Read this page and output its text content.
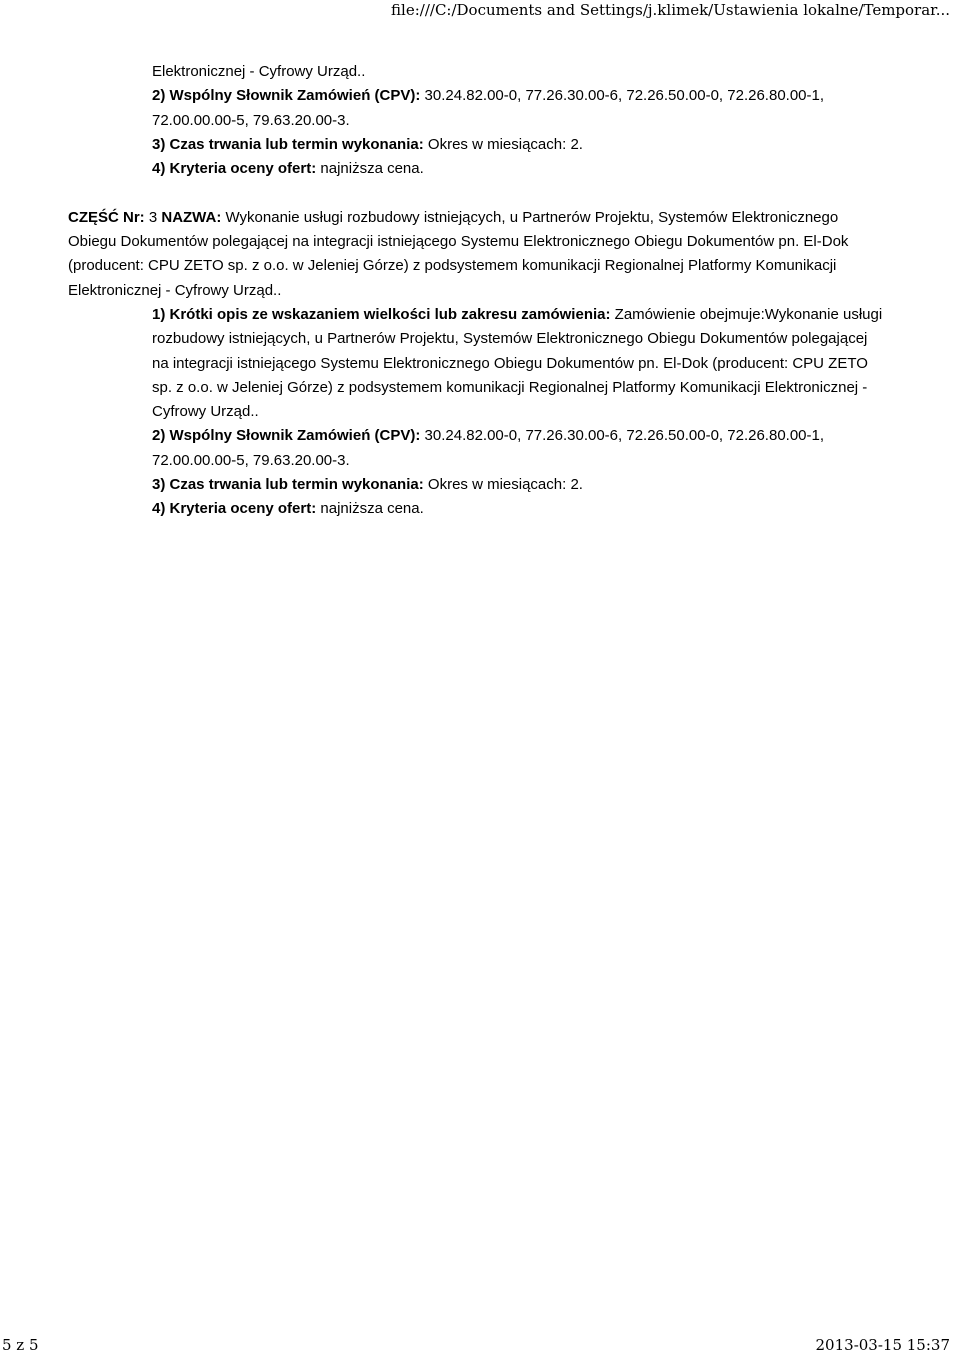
file:///C:/Documents and Settings/j.klimek/Ustawienia lokalne/Temporar...

Elektronicznej - Cyfrowy Urząd..

2) Wspólny Słownik Zamówień (CPV): 30.24.82.00-0, 77.26.30.00-6, 72.26.50.00-0, 72.26.80.00-1, 72.00.00.00-5, 79.63.20.00-3.

3) Czas trwania lub termin wykonania: Okres w miesiącach: 2.

4) Kryteria oceny ofert: najniższa cena.

CZĘŚĆ Nr: 3 NAZWA: Wykonanie usługi rozbudowy istniejących, u Partnerów Projektu, Systemów Elektronicznego Obiegu Dokumentów polegającej na integracji istniejącego Systemu Elektronicznego Obiegu Dokumentów pn. El-Dok (producent: CPU ZETO sp. z o.o. w Jeleniej Górze) z podsystemem komunikacji Regionalnej Platformy Komunikacji Elektronicznej - Cyfrowy Urząd..

1) Krótki opis ze wskazaniem wielkości lub zakresu zamówienia: Zamówienie obejmuje:Wykonanie usługi rozbudowy istniejących, u Partnerów Projektu, Systemów Elektronicznego Obiegu Dokumentów polegającej na integracji istniejącego Systemu Elektronicznego Obiegu Dokumentów pn. El-Dok (producent: CPU ZETO sp. z o.o. w Jeleniej Górze) z podsystemem komunikacji Regionalnej Platformy Komunikacji Elektronicznej - Cyfrowy Urząd..

2) Wspólny Słownik Zamówień (CPV): 30.24.82.00-0, 77.26.30.00-6, 72.26.50.00-0, 72.26.80.00-1, 72.00.00.00-5, 79.63.20.00-3.

3) Czas trwania lub termin wykonania: Okres w miesiącach: 2.

4) Kryteria oceny ofert: najniższa cena.

5 z 5	2013-03-15 15:37
